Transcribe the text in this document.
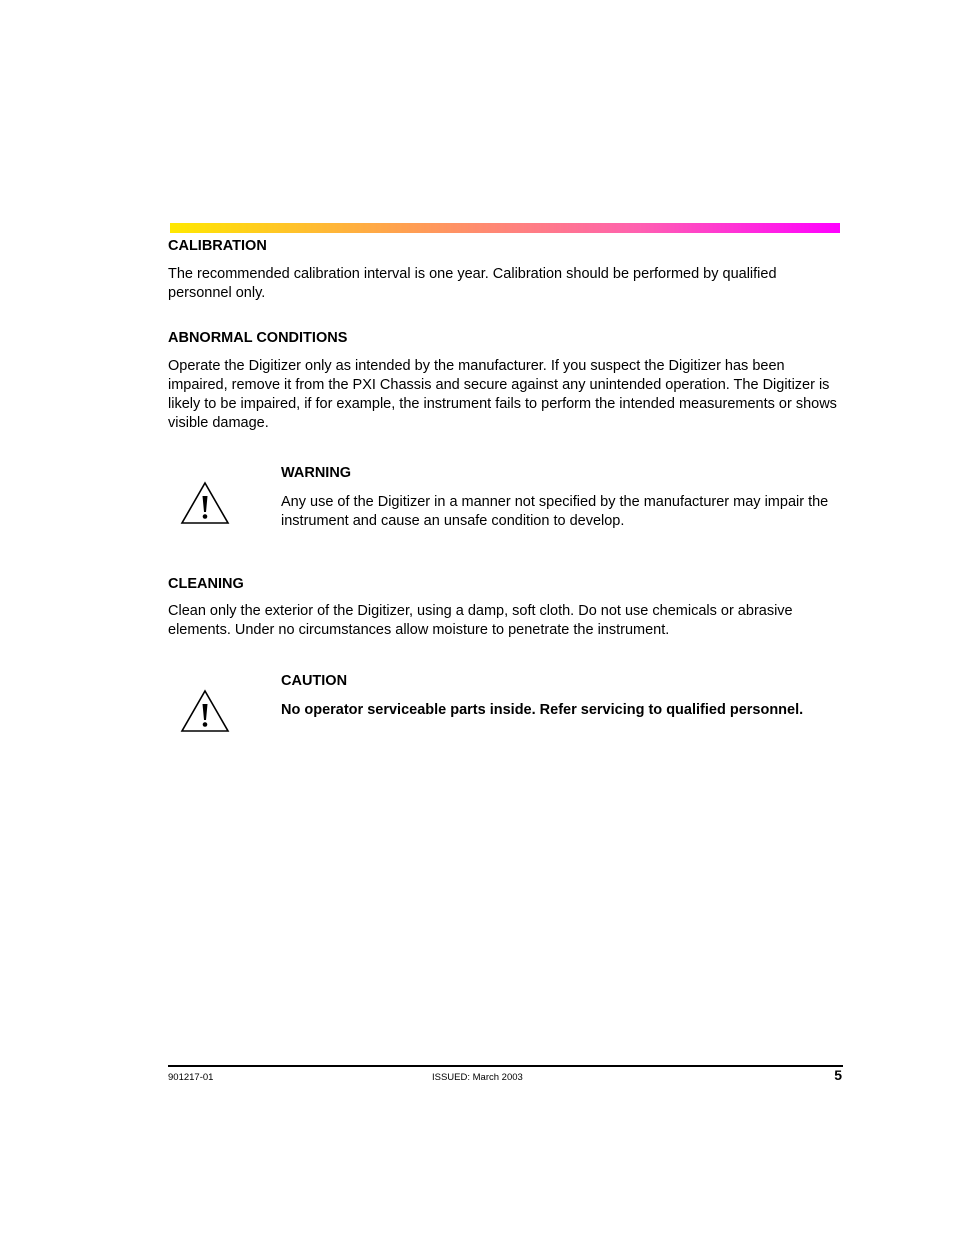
CALIBRATION

The recommended calibration interval is one year. Calibration should be performed by qualified personnel only.

ABNORMAL CONDITIONS

Operate the Digitizer only as intended by the manufacturer. If you suspect the Digitizer has been impaired, remove it from the PXI Chassis and secure against any unintended operation. The Digitizer is likely to be impaired, if for example, the instrument fails to perform the intended measurements or shows visible damage.

WARNING

Any use of the Digitizer in a manner not specified by the manufacturer may impair the instrument and cause an unsafe condition to develop.

CLEANING

Clean only the exterior of the Digitizer, using a damp, soft cloth. Do not use chemicals or abrasive elements. Under no circumstances allow moisture to penetrate the instrument.

CAUTION

No operator serviceable parts inside. Refer servicing to qualified personnel.

901217-01	ISSUED: March 2003	5
